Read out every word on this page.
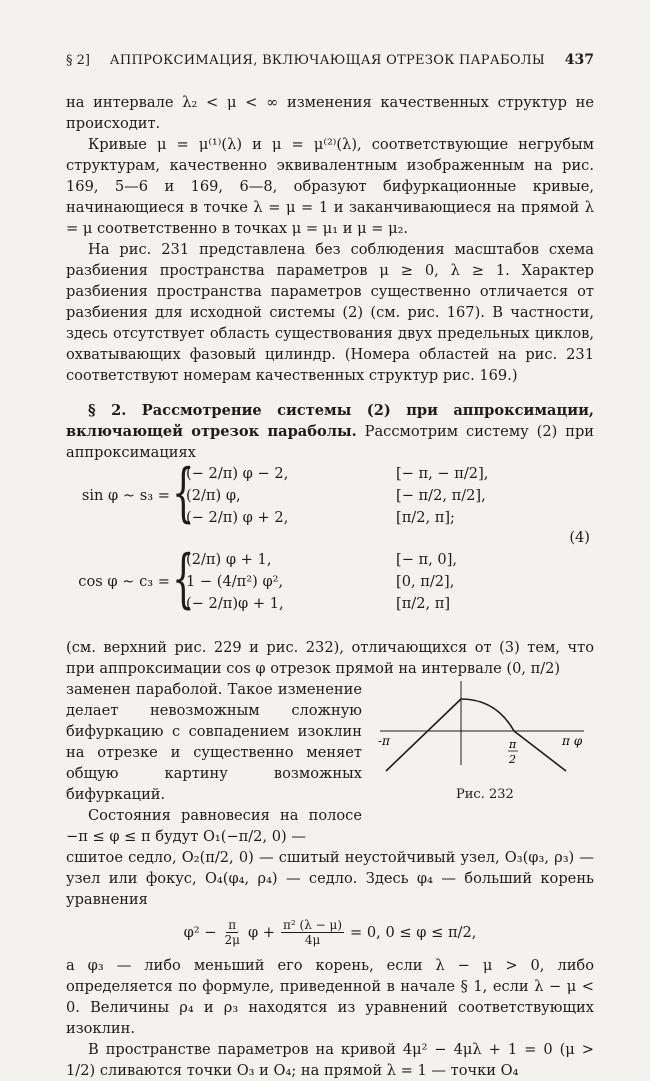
§ 2] АППРОКСИМАЦИЯ, ВКЛЮЧАЮЩАЯ ОТРЕЗОК ПАРАБОЛЫ 437

на интервале λ₂ < μ < ∞ изменения качественных структур не происходит.

Кривые μ = μ⁽¹⁾(λ) и μ = μ⁽²⁾(λ), соответствующие негрубым структурам, качественно эквивалентным изображенным на рис. 169, 5—6 и 169, 6—8, образуют бифуркационные кривые, начинающиеся в точке λ = μ = 1 и заканчивающиеся на прямой λ = μ соответственно в точках μ = μ₁ и μ = μ₂.

На рис. 231 представлена без соблюдения масштабов схема разбиения пространства параметров μ ≥ 0, λ ≥ 1. Характер разбиения пространства параметров существенно отличается от разбиения для исходной системы (2) (см. рис. 167). В частности, здесь отсутствует область существования двух предельных циклов, охватывающих фазовый цилиндр. (Номера областей на рис. 231 соответствуют номерам качественных структур рис. 169.)

§ 2. Рассмотрение системы (2) при аппроксимации, включающей отрезок параболы. Рассмотрим систему (2) при аппроксимациях

sin φ ∼ s₃ = {
(− 2/π) φ − 2,	[− π, − π/2],
(2/π) φ,	[− π/2, π/2],
(− 2/π) φ + 2,	[π/2, π];
(4)
cos φ ∼ c₃ = {
(2/π) φ + 1,	[− π, 0],
1 − (4/π²) φ²,	[0, π/2],
(− 2/π)φ + 1,	[π/2, π]

(см. верхний рис. 229 и рис. 232), отличающихся от (3) тем, что при аппроксимации cos φ отрезок прямой на интервале (0, π/2)

заменен параболой. Такое изменение делает невозможным сложную бифуркацию с совпадением изоклин на отрезке и существенно меняет общую картину возможных бифуркаций.

Состояния равновесия на полосе −π ≤ φ ≤ π будут O₁(−π/2, 0) —

-π	π φ
π
2
Рис. 232

сшитое седло, O₂(π/2, 0) — сшитый неустойчивый узел, O₃(φ₃, ρ₃) — узел или фокус, O₄(φ₄, ρ₄) — седло. Здесь φ₄ — больший корень уравнения

$\varphi^2 - \frac{\pi}{2\mu}$ $\varphi + \frac{\text{π² (λ − μ)}}{4\mu} = 0$, 0 ≤ φ ≤ π/2,

а φ₃ — либо меньший его корень, если λ − μ > 0, либо определяется по формуле, приведенной в начале § 1, если λ − μ < 0. Величины ρ₄ и ρ₃ находятся из уравнений соответствующих изоклин.

В пространстве параметров на кривой 4μ² − 4μλ + 1 = 0 (μ > 1/2) сливаются точки O₃ и O₄; на прямой λ = 1 — точки O₄
